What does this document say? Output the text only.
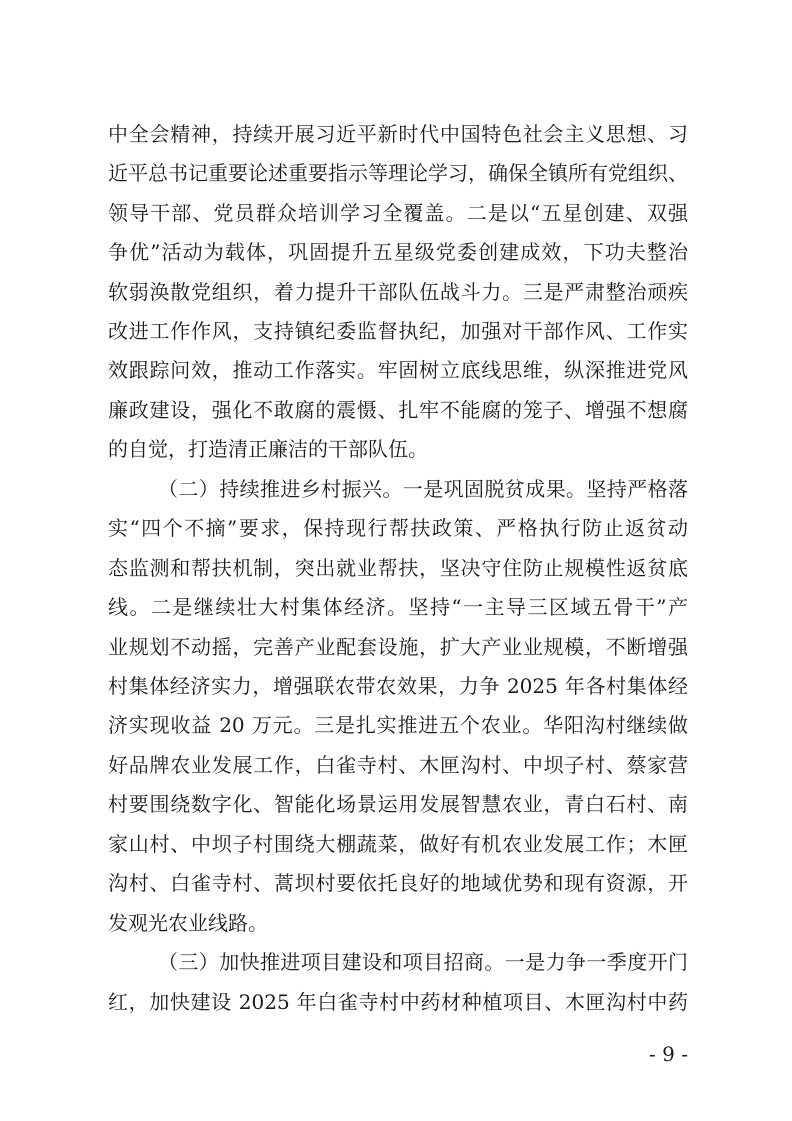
中全会精神，持续开展习近平新时代中国特色社会主义思想、习
近平总书记重要论述重要指示等理论学习，确保全镇所有党组织、
领导干部、党员群众培训学习全覆盖。二是以“五星创建、双强
争优”活动为载体，巩固提升五星级党委创建成效，下功夫整治
软弱涣散党组织，着力提升干部队伍战斗力。三是严肃整治顽疾
改进工作作风，支持镇纪委监督执纪，加强对干部作风、工作实
效跟踪问效，推动工作落实。牢固树立底线思维，纵深推进党风
廉政建设，强化不敢腐的震慑、扎牢不能腐的笼子、增强不想腐
的自觉，打造清正廉洁的干部队伍。
（二）持续推进乡村振兴。一是巩固脱贫成果。坚持严格落
实“四个不摘”要求，保持现行帮扶政策、严格执行防止返贫动
态监测和帮扶机制，突出就业帮扶，坚决守住防止规模性返贫底
线。二是继续壮大村集体经济。坚持“一主导三区域五骨干”产
业规划不动摇，完善产业配套设施，扩大产业业规模，不断增强
村集体经济实力，增强联农带农效果，力争 2025 年各村集体经
济实现收益 20 万元。三是扎实推进五个农业。华阳沟村继续做
好品牌农业发展工作，白雀寺村、木匣沟村、中坝子村、蔡家营
村要围绕数字化、智能化场景运用发展智慧农业，青白石村、南
家山村、中坝子村围绕大棚蔬菜，做好有机农业发展工作；木匣
沟村、白雀寺村、蒿坝村要依托良好的地域优势和现有资源，开
发观光农业线路。
（三）加快推进项目建设和项目招商。一是力争一季度开门
红，加快建设 2025 年白雀寺村中药材种植项目、木匣沟村中药
- 9 -
